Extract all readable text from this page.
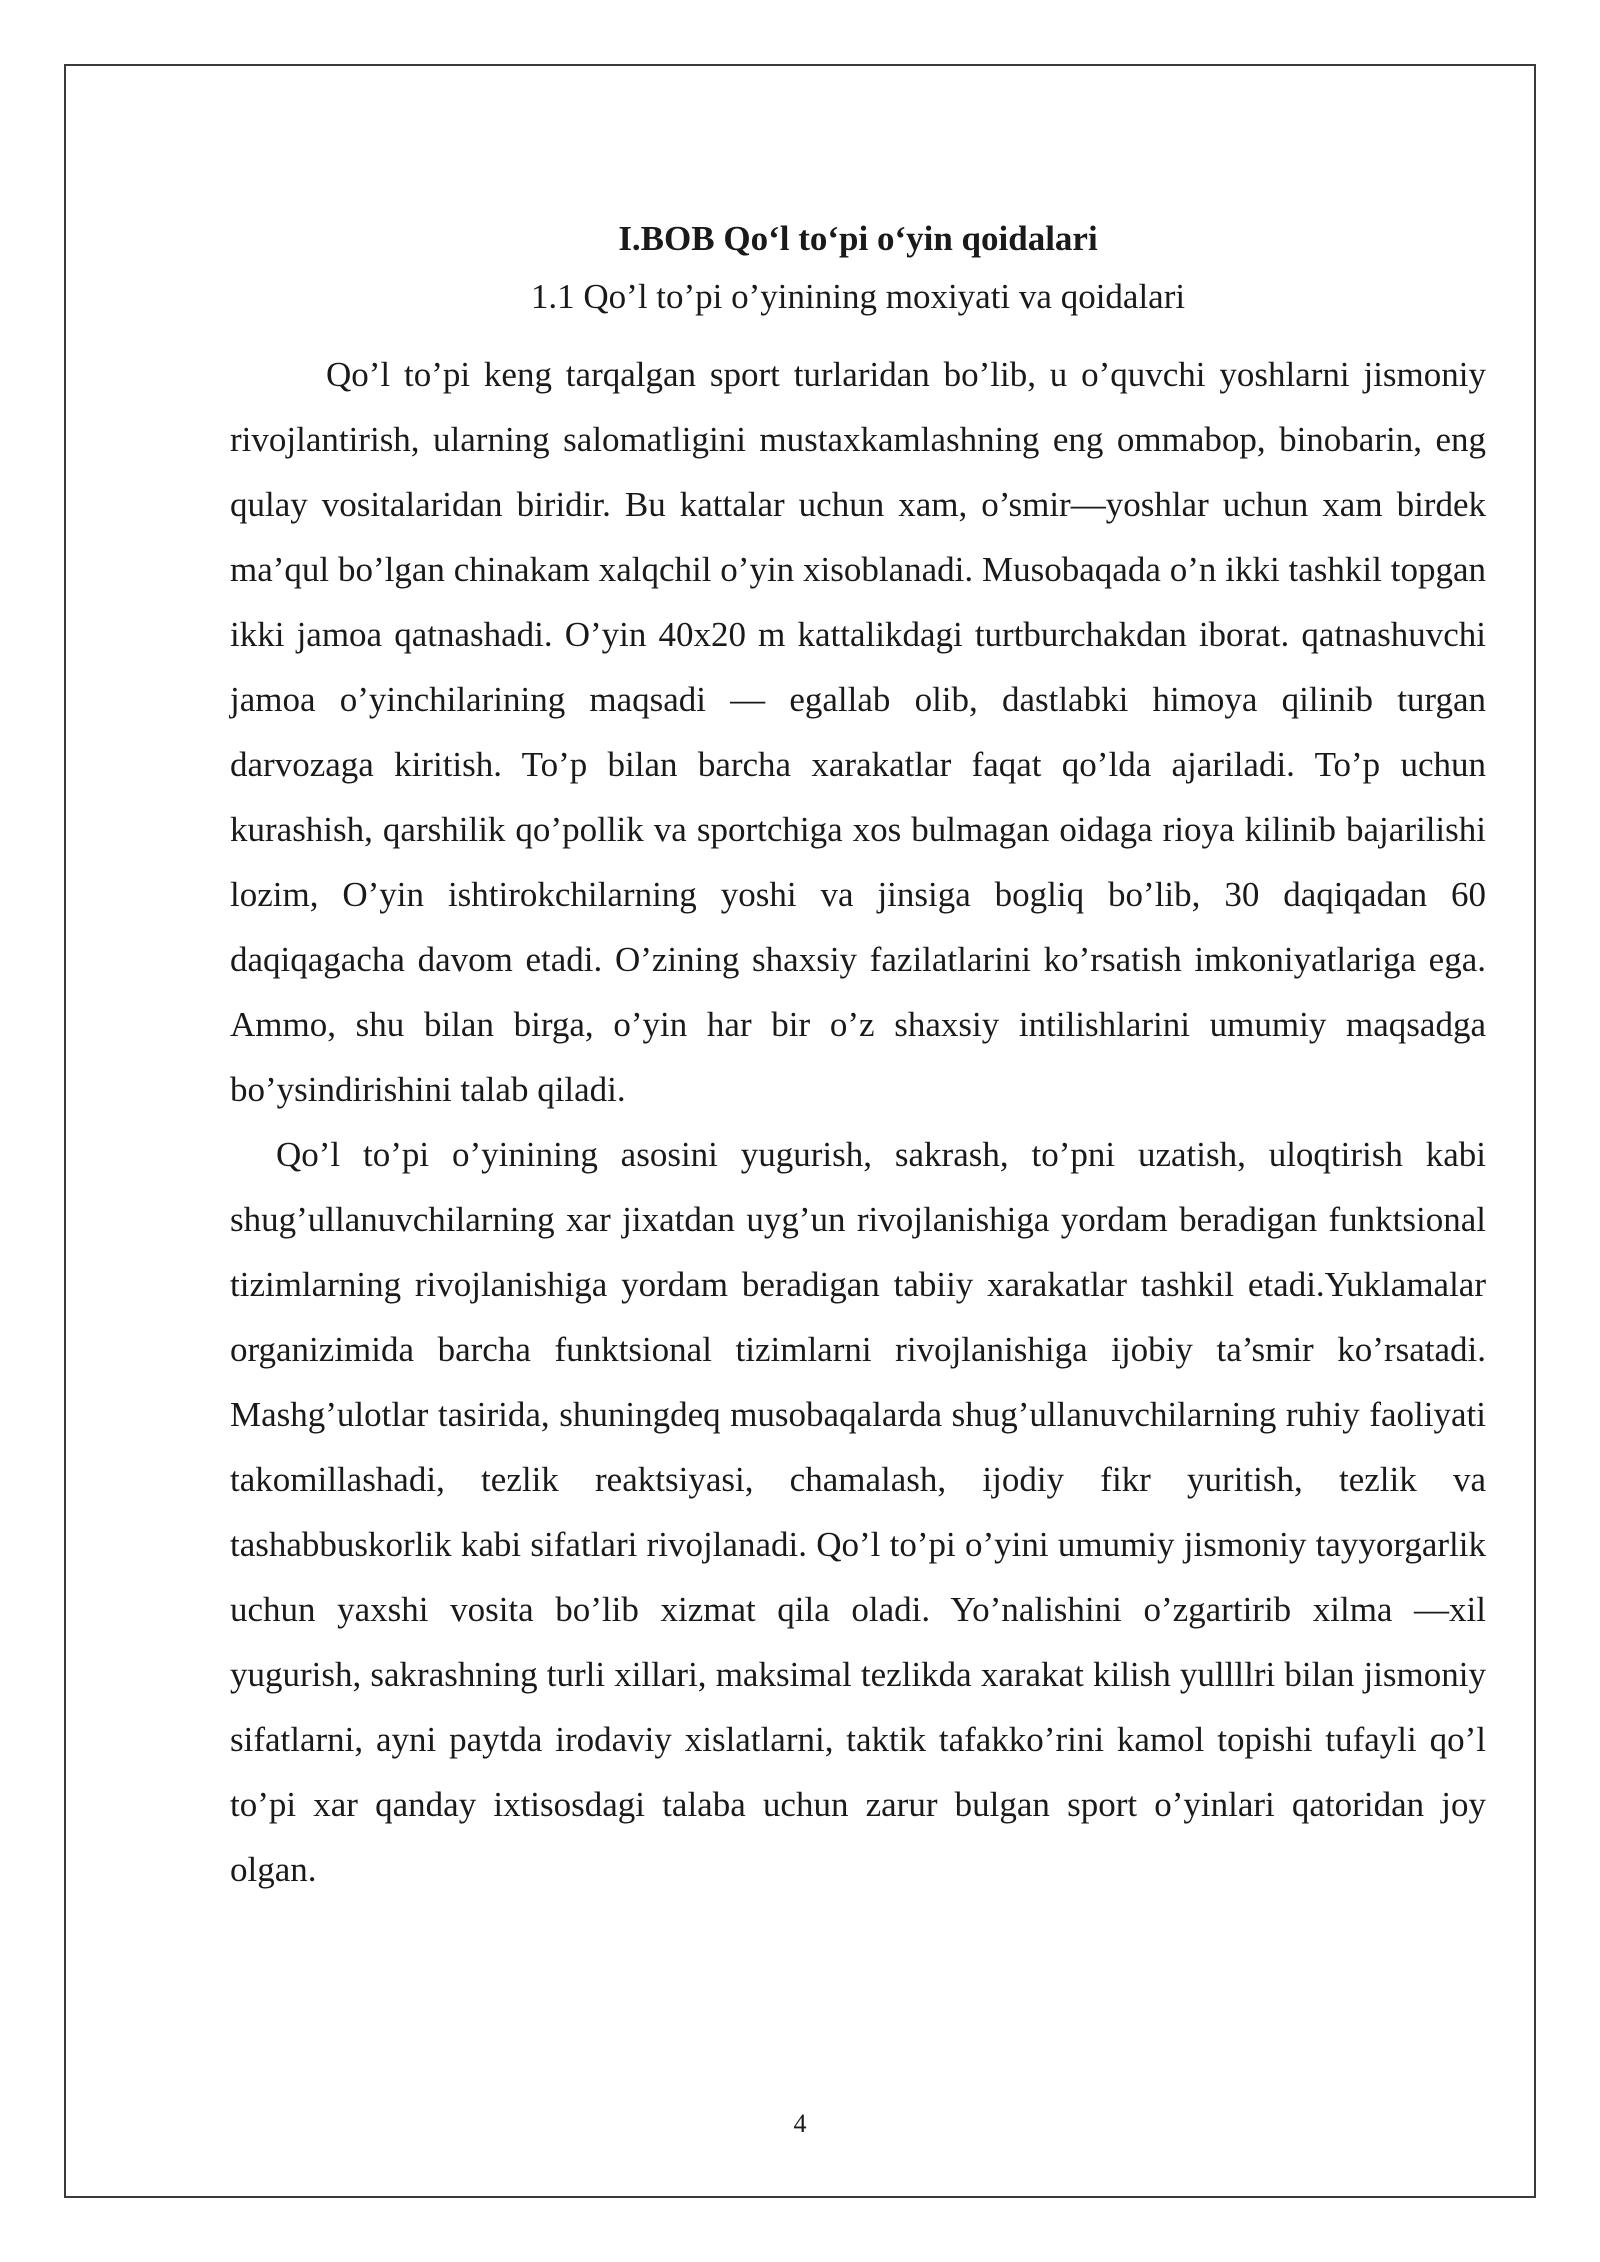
I.BOB Qo‘l to‘pi o‘yin qoidalari
1.1 Qo’l to’pi o’yinining moxiyati va qoidalari

Qo’l to’pi keng tarqalgan sport turlaridan bo’lib, u o’quvchi yoshlarni jismoniy rivojlantirish, ularning salomatligini mustaxkamlashning eng ommabop, binobarin, eng qulay vositalaridan biridir. Bu kattalar uchun xam, o’smir—yoshlar uchun xam birdek ma’qul bo’lgan chinakam xalqchil o’yin xisoblanadi. Musobaqada o’n ikki tashkil topgan ikki jamoa qatnashadi. O’yin 40x20 m kattalikdagi turtburchakdan iborat. qatnashuvchi jamoa o’yinchilarining maqsadi — egallab olib, dastlabki himoya qilinib turgan darvozaga kiritish. To’p bilan barcha xarakatlar faqat qo’lda ajariladi. To’p uchun kurashish, qarshilik qo’pollik va sportchiga xos bulmagan oidaga rioya kilinib bajarilishi lozim, O’yin ishtirokchilarning yoshi va jinsiga bogliq bo’lib, 30 daqiqadan 60 daqiqagacha davom etadi. O’zining shaxsiy fazilatlarini ko’rsatish imkoniyatlariga ega. Ammo, shu bilan birga, o’yin har bir o’z shaxsiy intilishlarini umumiy maqsadga bo’ysindirishini talab qiladi.

Qo’l to’pi o’yinining asosini yugurish, sakrash, to’pni uzatish, uloqtirish kabi shug’ullanuvchilarning xar jixatdan uyg’un rivojlanishiga yordam beradigan funktsional tizimlarning rivojlanishiga yordam beradigan tabiiy xarakatlar tashkil etadi.Yuklamalar organizimida barcha funktsional tizimlarni rivojlanishiga ijobiy ta’smir ko’rsatadi. Mashg’ulotlar tasirida, shuningdeq musobaqalarda shug’ullanuvchilarning ruhiy faoliyati takomillashadi, tezlik reaktsiyasi, chamalash, ijodiy fikr yuritish, tezlik va tashabbuskorlik kabi sifatlari rivojlanadi. Qo’l to’pi o’yini umumiy jismoniy tayyorgarlik uchun yaxshi vosita bo’lib xizmat qila oladi. Yo’nalishini o’zgartirib xilma —xil yugurish, sakrashning turli xillari, maksimal tezlikda xarakat kilish yullllri bilan jismoniy sifatlarni, ayni paytda irodaviy xislatlarni, taktik tafakko’rini kamol topishi tufayli qo’l to’pi xar qanday ixtisosdagi talaba uchun zarur bulgan sport o’yinlari qatoridan joy olgan.

4
